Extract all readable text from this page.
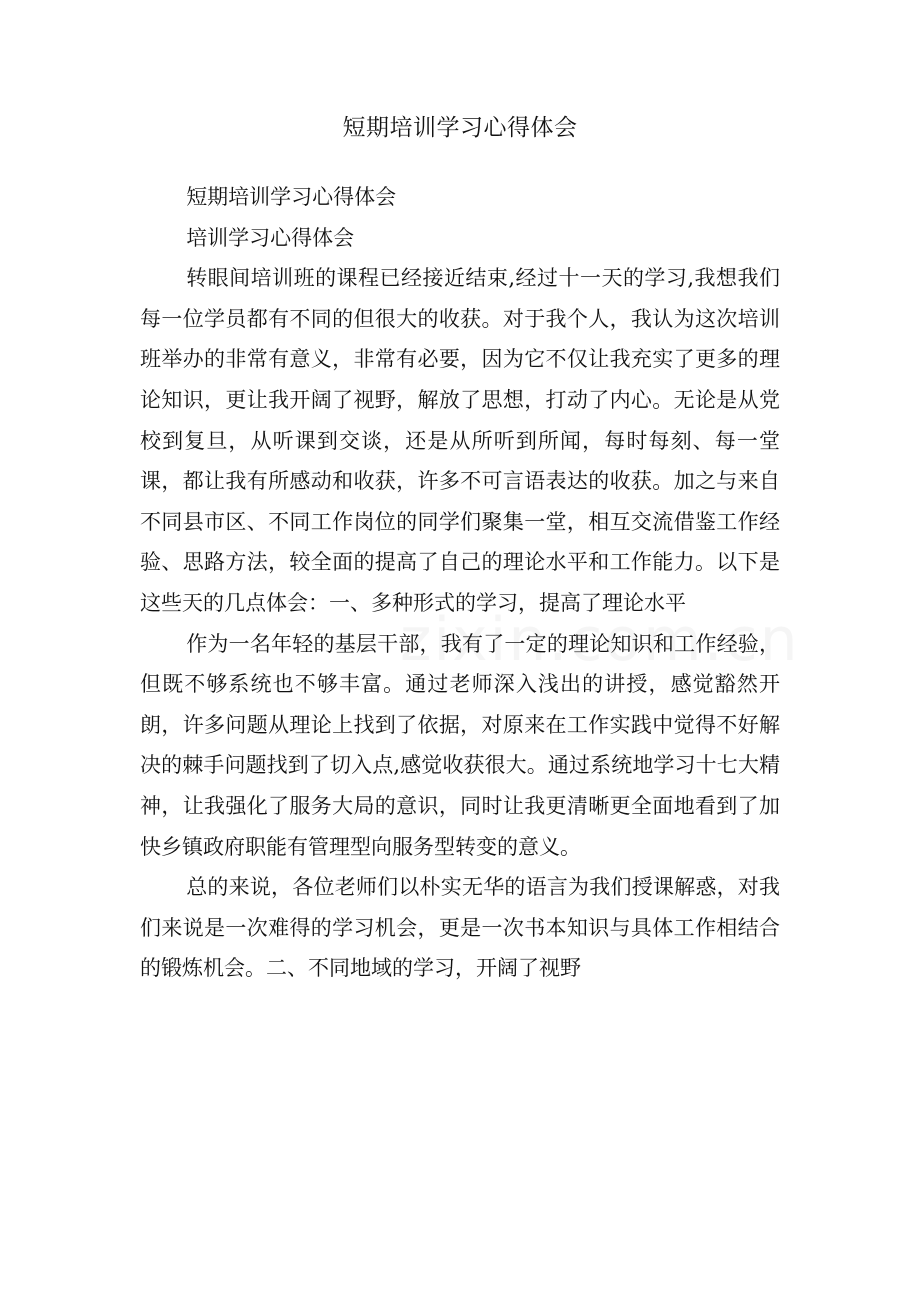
短期培训学习心得体会

短期培训学习心得体会

培训学习心得体会

转眼间培训班的课程已经接近结束,经过十一天的学习,我想我们每一位学员都有不同的但很大的收获。对于我个人，我认为这次培训班举办的非常有意义，非常有必要，因为它不仅让我充实了更多的理论知识，更让我开阔了视野，解放了思想，打动了内心。无论是从党校到复旦，从听课到交谈，还是从所听到所闻，每时每刻、每一堂课，都让我有所感动和收获，许多不可言语表达的收获。加之与来自不同县市区、不同工作岗位的同学们聚集一堂，相互交流借鉴工作经验、思路方法，较全面的提高了自己的理论水平和工作能力。以下是这些天的几点体会：一、多种形式的学习，提高了理论水平

作为一名年轻的基层干部，我有了一定的理论知识和工作经验，但既不够系统也不够丰富。通过老师深入浅出的讲授，感觉豁然开朗，许多问题从理论上找到了依据，对原来在工作实践中觉得不好解决的棘手问题找到了切入点,感觉收获很大。通过系统地学习十七大精神，让我强化了服务大局的意识，同时让我更清晰更全面地看到了加快乡镇政府职能有管理型向服务型转变的意义。

总的来说，各位老师们以朴实无华的语言为我们授课解惑，对我们来说是一次难得的学习机会，更是一次书本知识与具体工作相结合的锻炼机会。二、不同地域的学习，开阔了视野
